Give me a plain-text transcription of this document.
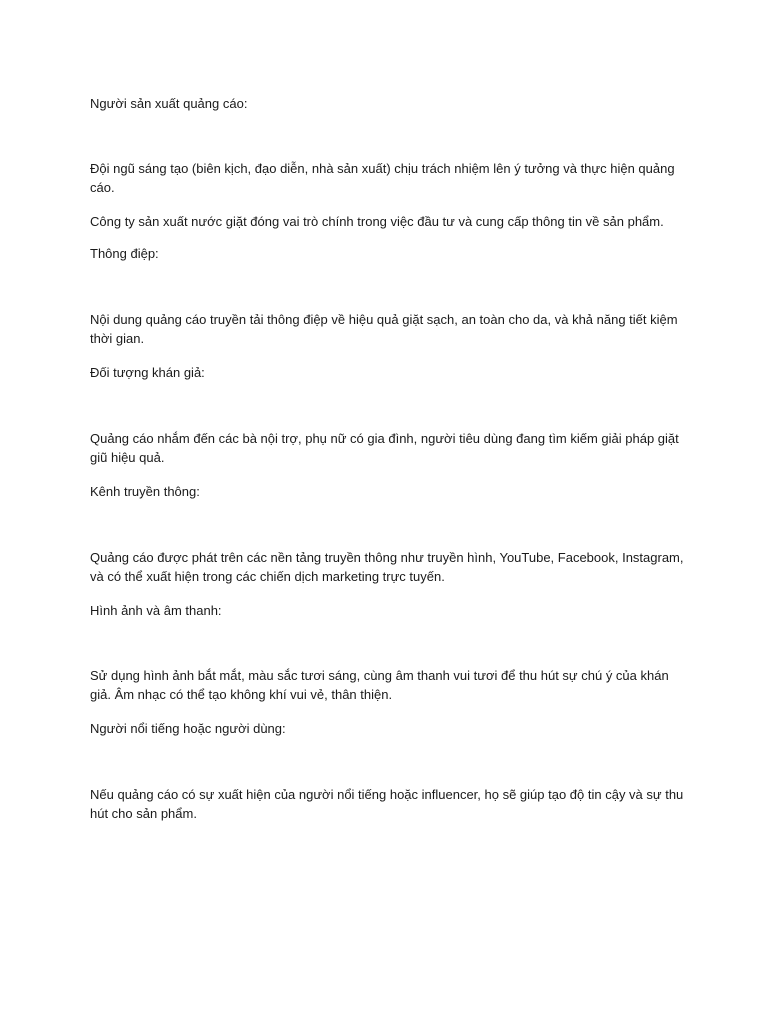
Người sản xuất quảng cáo:

Đội ngũ sáng tạo (biên kịch, đạo diễn, nhà sản xuất) chịu trách nhiệm lên ý tưởng và thực hiện quảng cáo.

Công ty sản xuất nước giặt đóng vai trò chính trong việc đầu tư và cung cấp thông tin về sản phẩm.

Thông điệp:

Nội dung quảng cáo truyền tải thông điệp về hiệu quả giặt sạch, an toàn cho da, và khả năng tiết kiệm thời gian.

Đối tượng khán giả:

Quảng cáo nhắm đến các bà nội trợ, phụ nữ có gia đình, người tiêu dùng đang tìm kiếm giải pháp giặt giũ hiệu quả.

Kênh truyền thông:

Quảng cáo được phát trên các nền tảng truyền thông như truyền hình, YouTube, Facebook, Instagram, và có thể xuất hiện trong các chiến dịch marketing trực tuyến.

Hình ảnh và âm thanh:

Sử dụng hình ảnh bắt mắt, màu sắc tươi sáng, cùng âm thanh vui tươi để thu hút sự chú ý của khán giả. Âm nhạc có thể tạo không khí vui vẻ, thân thiện.

Người nổi tiếng hoặc người dùng:

Nếu quảng cáo có sự xuất hiện của người nổi tiếng hoặc influencer, họ sẽ giúp tạo độ tin cậy và sự thu hút cho sản phẩm.
